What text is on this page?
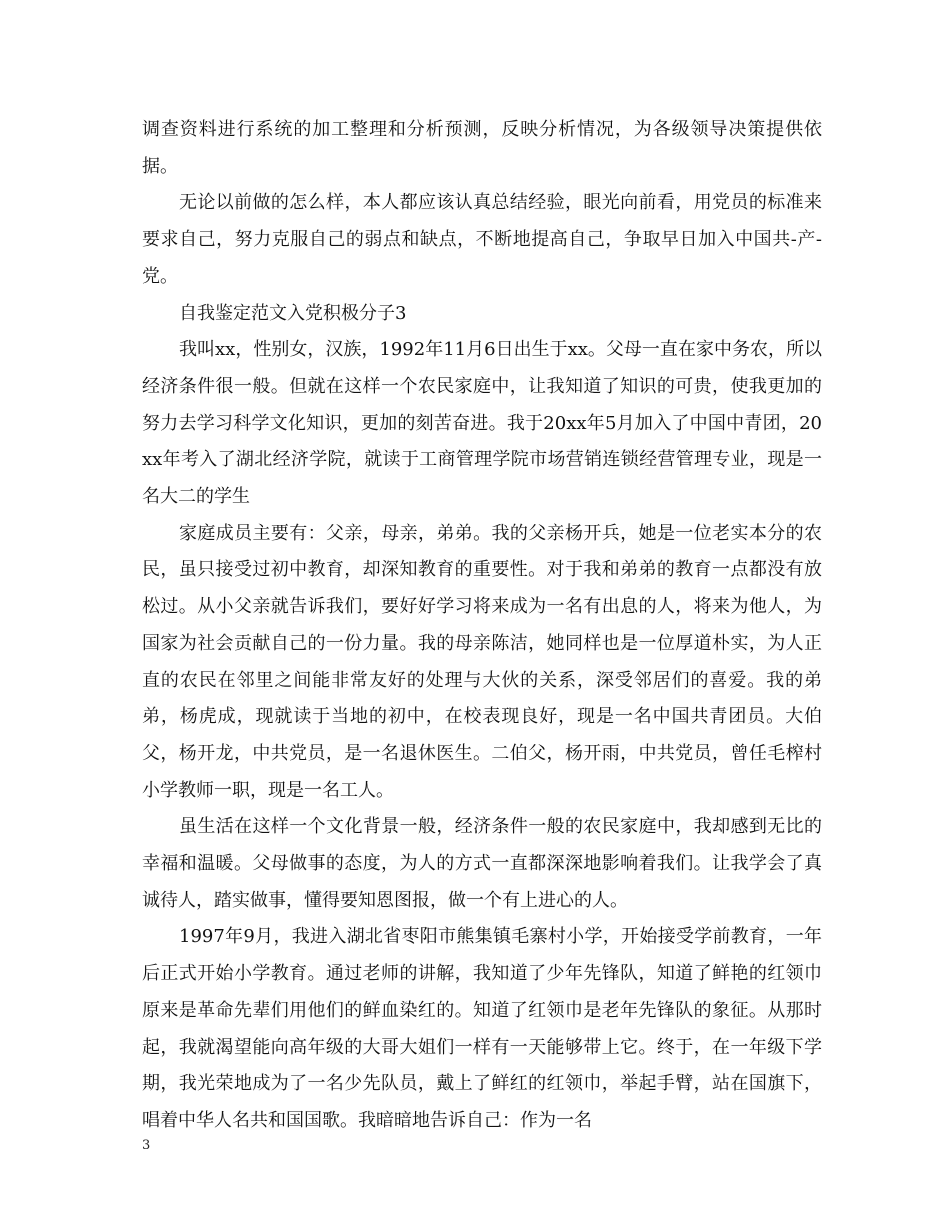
调查资料进行系统的加工整理和分析预测，反映分析情况，为各级领导决策提供依据。

无论以前做的怎么样，本人都应该认真总结经验，眼光向前看，用党员的标准来要求自己，努力克服自己的弱点和缺点，不断地提高自己，争取早日加入中国共-产-党。

自我鉴定范文入党积极分子3

我叫xx，性别女，汉族，1992年11月6日出生于xx。父母一直在家中务农，所以经济条件很一般。但就在这样一个农民家庭中，让我知道了知识的可贵，使我更加的努力去学习科学文化知识，更加的刻苦奋进。我于20xx年5月加入了中国中青团，20xx年考入了湖北经济学院，就读于工商管理学院市场营销连锁经营管理专业，现是一名大二的学生

家庭成员主要有：父亲，母亲，弟弟。我的父亲杨开兵，她是一位老实本分的农民，虽只接受过初中教育，却深知教育的重要性。对于我和弟弟的教育一点都没有放松过。从小父亲就告诉我们，要好好学习将来成为一名有出息的人，将来为他人，为国家为社会贡献自己的一份力量。我的母亲陈洁，她同样也是一位厚道朴实，为人正直的农民在邻里之间能非常友好的处理与大伙的关系，深受邻居们的喜爱。我的弟弟，杨虎成，现就读于当地的初中，在校表现良好，现是一名中国共青团员。大伯父，杨开龙，中共党员，是一名退休医生。二伯父，杨开雨，中共党员，曾任毛榨村小学教师一职，现是一名工人。

虽生活在这样一个文化背景一般，经济条件一般的农民家庭中，我却感到无比的幸福和温暖。父母做事的态度，为人的方式一直都深深地影响着我们。让我学会了真诚待人，踏实做事，懂得要知恩图报，做一个有上进心的人。

1997年9月，我进入湖北省枣阳市熊集镇毛寨村小学，开始接受学前教育，一年后正式开始小学教育。通过老师的讲解，我知道了少年先锋队，知道了鲜艳的红领巾原来是革命先辈们用他们的鲜血染红的。知道了红领巾是老年先锋队的象征。从那时起，我就渴望能向高年级的大哥大姐们一样有一天能够带上它。终于，在一年级下学期，我光荣地成为了一名少先队员，戴上了鲜红的红领巾，举起手臂，站在国旗下，唱着中华人名共和国国歌。我暗暗地告诉自己：作为一名

3
